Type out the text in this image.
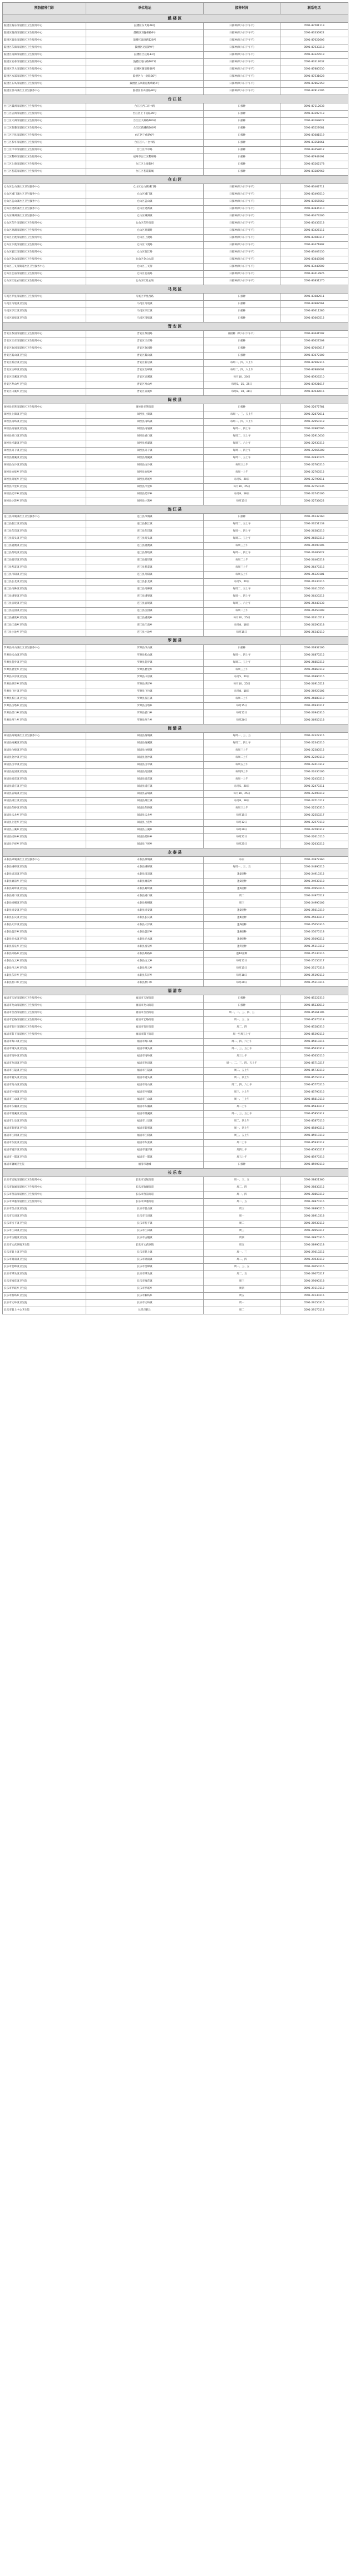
预防接种门诊	单位地址	接种时间	联系电话
鼓楼区			
鼓楼区鼓东街道社区卫生服务中心	鼓楼区东大路28号	日接种(周六日下午不)	0591-87501119
鼓楼区鼓西街道社区卫生服务中心	鼓楼区双抛桥路6号	日接种(周六日下午不)	0591-83336922
鼓楼区温泉街道社区卫生服务中心	鼓楼区温泉路128号	日接种(周六日下午不)	0591-87622606
鼓楼区东街街道社区卫生服务中心	鼓楼区达道路9号	日接种(周六日下午不)	0591-87533218
鼓楼区南街街道社区卫生服务中心	鼓楼区吉庇路33号	日接种(周六日下午不)	0591-83329519
鼓楼区安泰街道社区卫生服务中心	鼓楼区道山路107号	日接种(周六日下午不)	0591-83317632
鼓楼区华大街道社区卫生服务中心	鼓楼区湖前路58号	日接种(周六日下午不)	0591-87880530
鼓楼区水部街道社区卫生服务中心	鼓楼区六一北路36号	日接种(周六日下午不)	0591-87531028
鼓楼区五凤街道社区卫生服务中心	鼓楼区五凤街道梅峰路2号	日接种(周六日下午不)	0591-87862150
鼓楼区洪山镇社区卫生服务中心	鼓楼区洪山园路36号	日接种(周六日下午不)	0591-87812205
台江区			
台江区瀛洲街道社区卫生服务中心	台江区西二环中路	日接种	0591-87112033
台江区后洲街道社区卫生服务中心	台江区上下杭路99号	日接种	0591-83292713
台江区义洲街道社区卫生服务中心	台江区义洲路100号	日接种	0591-83269622
台江区新港街道社区卫生服务中心	台江区新港路206号	日接种	0591-83227081
台江区宁化街道社区卫生服务中心	台江区宁化路6号	日接种	0591-83681519
台江区茶亭街道社区卫生服务中心	台江区八一七中路	日接种	0591-83251061
台江区洋中街道社区卫生服务中心	台江区洋中路	日接种	0591-83458612
台江区鳌峰街道社区卫生服务中心	福州市台江区鳌峰路	日接种	0591-87947491
台江区上海街道社区卫生服务中心	台江区上海新村	日接种	0591-83262178
台江区苍霞街道社区卫生服务中心	台江区苍霞新城	日接种	0591-83287962
仓山区			
仓山区仓山镇社区卫生服务中心	仓山区仓山镇城门路	日接种(周六日下午不)	0591-83462711
仓山区城门镇社区卫生服务中心	仓山区城门镇	日接种(周六日下午不)	0591-83493510
仓山区盖山镇社区卫生服务中心	仓山区盖山镇	日接种(周六日下午不)	0591-83555562
仓山区建新镇社区卫生服务中心	仓山区建新镇	日接种(周六日下午不)	0591-83836110
仓山区螺洲镇社区卫生服务中心	仓山区螺洲镇	日接种(周六日下午不)	0591-83473206
仓山区东升街道社区卫生服务中心	仓山区东升街道	日接种(周六日下午不)	0591-83435513
仓山区对湖街道社区卫生服务中心	仓山区对湖路	日接种(周六日下午不)	0591-83426115
仓山区上渡街道社区卫生服务中心	仓山区上渡路	日接种(周六日下午不)	0591-83580317
仓山区下渡街道社区卫生服务中心	仓山区下渡路	日接种(周六日下午不)	0591-83471802
仓山区临江街道社区卫生服务中心	仓山区临江路	日接种(周六日下午不)	0591-83403130
仓山区金山街道社区卫生服务中心	仓山区金山大道	日接种(周六日下午不)	0591-83843502
仓山区三叉街街道社区卫生服务中心	仓山区三叉街	日接种(周六日下午不)	0591-83448502
仓山区仓前街道社区卫生服务中心	仓山区仓前路	日接种(周六日下午不)	0591-83417825
仓山区红星农场社区卫生服务中心	仓山区红星农场	日接种(周六日下午不)	0591-83831270
马尾区			
马尾区罗星街道社区卫生服务中心	马尾区罗星西路	日接种	0591-83682911
马尾区马尾镇卫生院	马尾区马尾镇	日接种	0591-83982561
马尾区亭江镇卫生院	马尾区亭江镇	日接种	0591-83611286
马尾区琅岐镇卫生院	马尾区琅岐镇	日接种	0591-83660512
晋安区			
晋安区茶园街道社区卫生服务中心	晋安区茶园路	日接种（周六日下午不）	0591-83641502
晋安区王庄街道社区卫生服务中心	晋安区王庄路	日接种	0591-83627208
晋安区象园街道社区卫生服务中心	晋安区象园路	日接种	0591-87663017
晋安区鼓山镇卫生院	晋安区鼓山镇	日接种	0591-83672102
晋安区新店镇卫生院	晋安区新店镇	每周二、四、六上午	0591-87902315
晋安区岳峰镇卫生院	晋安区岳峰镇	每周二、四、六上午	0591-87883001
晋安区宦溪镇卫生院	晋安区宦溪镇	每月10、20日	0591-83926210
晋安区寿山乡卫生院	晋安区寿山乡	每月5、15、25日	0591-83921017
晋安区日溪乡卫生院	晋安区日溪乡	每月8、18、28日	0591-83938015
闽侯县			
闽侯县甘蔗街道社区卫生服务中心	闽侯县甘蔗街道	日接种	0591-22672781
闽侯县上街镇卫生院	闽侯县上街镇	每周一、三、五上午	0591-22872011
闽侯县南屿镇卫生院	闽侯县南屿镇	每周二、四、六上午	0591-22950118
闽侯县南通镇卫生院	闽侯县南通镇	每周一、四上午	0591-22980506
闽侯县青口镇卫生院	闽侯县青口镇	每周二、五上午	0591-22910036
闽侯县祥谦镇卫生院	闽侯县祥谦镇	每周三、六上午	0591-22930312
闽侯县尚干镇卫生院	闽侯县尚干镇	每周一、四上午	0591-22965208
闽侯县荆溪镇卫生院	闽侯县荆溪镇	每周二、五上午	0591-22830125
闽侯县白沙镇卫生院	闽侯县白沙镇	每周三上午	0591-22780216
闽侯县竹岐乡卫生院	闽侯县竹岐乡	每周一上午	0591-22760512
闽侯县鸿尾乡卫生院	闽侯县鸿尾乡	每月5、20日	0591-22790611
闽侯县洋里乡卫生院	闽侯县洋里乡	每月10、25日	0591-22750136
闽侯县廷坪乡卫生院	闽侯县廷坪乡	每月8、18日	0591-22745106
闽侯县小箬乡卫生院	闽侯县小箬乡	每月15日	0591-22736022
连江县			
连江县凤城镇社区卫生服务中心	连江县凤城镇	日接种	0591-26232160
连江县敖江镇卫生院	连江县敖江镇	每周二、五上午	0591-26251133
连江县东岱镇卫生院	连江县东岱镇	每周一、四上午	0591-26380216
连江县琯头镇卫生院	连江县琯头镇	每周二、五上午	0591-26550312
连江县晓澳镇卫生院	连江县晓澳镇	每周三上午	0591-26590105
连江县黄岐镇卫生院	连江县黄岐镇	每周一、四上午	0591-26480622
连江县筱埕镇卫生院	连江县筱埕镇	每周二上午	0591-26460218
连江县苔菉镇卫生院	连江县苔菉镇	每周三上午	0591-26470316
连江县丹阳镇卫生院	连江县丹阳镇	每周五上午	0591-26320181
连江县长龙镇卫生院	连江县长龙镇	每月5、20日	0591-26330216
连江县马鼻镇卫生院	连江县马鼻镇	每周二、五上午	0591-26410536
连江县透堡镇卫生院	连江县透堡镇	每周一、四上午	0591-26420212
连江县官坂镇卫生院	连江县官坂镇	每周三、六上午	0591-26440133
连江县坑园镇卫生院	连江县坑园镇	每周二上午	0591-26450209
连江县潘渡乡卫生院	连江县潘渡乡	每月10、25日	0591-26310512
连江县江南乡卫生院	连江县江南乡	每月8、18日	0591-26290318
连江县小沧乡卫生院	连江县小沧乡	每月15日	0591-26340110
罗源县			
罗源县凤山镇社区卫生服务中心	罗源县凤山镇	日接种	0591-26832106
罗源县松山镇卫生院	罗源县松山镇	每周一、四上午	0591-26870215
罗源县起步镇卫生院	罗源县起步镇	每周二、五上午	0591-26850312
罗源县碧里乡卫生院	罗源县碧里乡	每周三上午	0591-26860118
罗源县中房镇卫生院	罗源县中房镇	每月5、20日	0591-26890216
罗源县洪洋乡卫生院	罗源县洪洋乡	每月10、25日	0591-26910512
罗源县飞竹镇卫生院	罗源县飞竹镇	每月8、18日	0591-26920105
罗源县鉴江镇卫生院	罗源县鉴江镇	每周二上午	0591-26880319
罗源县白塔乡卫生院	罗源县白塔乡	每月15日	0591-26930217
罗源县霍口乡卫生院	罗源县霍口乡	每月12日	0591-26940316
罗源县西兰乡卫生院	罗源县西兰乡	每月20日	0591-26950118
闽清县			
闽清县梅城镇社区卫生服务中心	闽清县梅城镇	每周一、三、五	0591-22322315
闽清县梅溪镇卫生院	闽清县梅溪镇	每周二、四上午	0591-22340216
闽清县白樟镇卫生院	闽清县白樟镇	每周三上午	0591-22380512
闽清县金沙镇卫生院	闽清县金沙镇	每周二上午	0591-22390118
闽清县白中镇卫生院	闽清县白中镇	每周五上午	0591-22410312
闽清县池园镇卫生院	闽清县池园镇	每周四上午	0591-22430106
闽清县坂东镇卫生院	闽清县坂东镇	每周一上午	0591-22450215
闽清县塔庄镇卫生院	闽清县塔庄镇	每月5、20日	0591-22470311
闽清县省璜镇卫生院	闽清县省璜镇	每月10、25日	0591-22490218
闽清县雄江镇卫生院	闽清县雄江镇	每月8、18日	0591-22510112
闽清县东桥镇卫生院	闽清县东桥镇	每周三上午	0591-22530316
闽清县云龙乡卫生院	闽清县云龙乡	每月15日	0591-22550217
闽清县上莲乡卫生院	闽清县上莲乡	每月12日	0591-22570118
闽清县三溪乡卫生院	闽清县三溪乡	每月20日	0591-22590312
闽清县桔林乡卫生院	闽清县桔林乡	每月22日	0591-22610116
闽清县下祝乡卫生院	闽清县下祝乡	每月25日	0591-22630215
永泰县			
永泰县樟城镇社区卫生服务中心	永泰县樟城镇	每日	0591-24872360
永泰县城峰镇卫生院	永泰县城峰镇	每周一、三、五	0591-24890215
永泰县清凉镇卫生院	永泰县清凉镇	逢1接种	0591-24910312
永泰县塘前乡卫生院	永泰县塘前乡	逢3接种	0591-24930118
永泰县葛岭镇卫生院	永泰县葛岭镇	逢5接种	0591-24950216
永泰县嵩口镇卫生院	永泰县嵩口镇	周二	0591-24970512
永泰县梧桐镇卫生院	永泰县梧桐镇	周三	0591-24990105
永泰县同安镇卫生院	永泰县同安镇	逢2接种	0591-25010319
永泰县长庆镇卫生院	永泰县长庆镇	逢4接种	0591-25030217
永泰县大洋镇卫生院	永泰县大洋镇	逢6接种	0591-25050316
永泰县盖洋乡卫生院	永泰县盖洋乡	逢8接种	0591-25070118
永泰县赤水镇卫生院	永泰县赤水镇	逢9接种	0591-25090215
永泰县富泉乡卫生院	永泰县富泉乡	逢7接种	0591-25110312
永泰县岭路乡卫生院	永泰县岭路乡	逢10接种	0591-25130116
永泰县白云乡卫生院	永泰县白云乡	每月12日	0591-25150217
永泰县丹云乡卫生院	永泰县丹云乡	每月15日	0591-25170318
永泰县东洋乡卫生院	永泰县东洋乡	每月18日	0591-25190112
永泰县洑口乡卫生院	永泰县洑口乡	每月20日	0591-25210215
福清市			
福清市玉屏街道社区卫生服务中心	福清市玉屏街道	日接种	0591-85222316
福清市龙山街道社区卫生服务中心	福清市龙山街道	日接种	0591-85238512
福清市音西街道社区卫生服务中心	福清市音西街道	周一、二、三、四、五	0591-85261105
福清市宏路街道社区卫生服务中心	福清市宏路街道	周一、三、五	0591-85370218
福清市石竹街道社区卫生服务中心	福清市石竹街道	周二、四	0591-85280316
福清市阳下街道社区卫生服务中心	福清市阳下街道	周一至周五上午	0591-85390112
福清市海口镇卫生院	福清市海口镇	周二、四、六上午	0591-85610215
福清市城头镇卫生院	福清市城头镇	周一、三、五上午	0591-85630312
福清市南岭镇卫生院	福清市南岭镇	周三上午	0591-85650116
福清市龙田镇卫生院	福清市龙田镇	周一、二、三、四、五上午	0591-85710217
福清市江镜镇卫生院	福清市江镜镇	周二、五上午	0591-85730318
福清市港头镇卫生院	福清市港头镇	周一、四上午	0591-85750112
福清市高山镇卫生院	福清市高山镇	周二、四、六上午	0591-85770215
福清市沙埔镇卫生院	福清市沙埔镇	周三、六上午	0591-85790316
福清市三山镇卫生院	福清市三山镇	周一、三上午	0591-85810118
福清市东瀚镇卫生院	福清市东瀚镇	周二上午	0591-85830217
福清市渔溪镇卫生院	福清市渔溪镇	周一、三、五上午	0591-85850312
福清市上迳镇卫生院	福清市上迳镇	周二、四上午	0591-85870116
福清市新厝镇卫生院	福清市新厝镇	周一、四上午	0591-85890215
福清市江阴镇卫生院	福清市江阴镇	周三、五上午	0591-85910318
福清市东张镇卫生院	福清市东张镇	周二上午	0591-85930112
福清市镜洋镇卫生院	福清市镜洋镇	周四上午	0591-85950217
福清市一都镇卫生院	福清市一都镇	周五上午	0591-85970316
福清市融城卫生院	福清市融城	日接种	0591-85990118
长乐市			
长乐市吴航街道社区卫生服务中心	长乐市吴航街道	周一、三、五	0591-28821360
长乐市航城街道社区卫生服务中心	长乐市航城街道	周二、四	0591-28830215
长乐市营前街道社区卫生服务中心	长乐市营前街道	周一、四	0591-28850312
长乐市漳港街道社区卫生服务中心	长乐市漳港街道	周二、五	0591-28870116
长乐市首占镇卫生院	长乐市首占镇	周三	0591-28890215
长乐市玉田镇卫生院	长乐市玉田镇	周一	0591-28910318
长乐市松下镇卫生院	长乐市松下镇	周二	0591-28930112
长乐市江田镇卫生院	长乐市江田镇	周三	0591-28950217
长乐市古槐镇卫生院	长乐市古槐镇	周四	0591-28970316
长乐市文武砂镇卫生院	长乐市文武砂镇	周五	0591-28990118
长乐市鹤上镇卫生院	长乐市鹤上镇	周一、三	0591-29010215
长乐市湖南镇卫生院	长乐市湖南镇	周二、四	0591-29030312
长乐市金峰镇卫生院	长乐市金峰镇	周一、三、五	0591-29050116
长乐市潭头镇卫生院	长乐市潭头镇	周二、五	0591-29070217
长乐市梅花镇卫生院	长乐市梅花镇	周三	0591-29090318
长乐市罗联乡卫生院	长乐市罗联乡	周四	0591-29110112
长乐市猴屿乡卫生院	长乐市猴屿乡	周五	0591-29130215
长乐市文岭镇卫生院	长乐市文岭镇	周一	0591-29150316
长乐市鹤上中心卫生院	长乐市鹤上	周二	0591-29170118
